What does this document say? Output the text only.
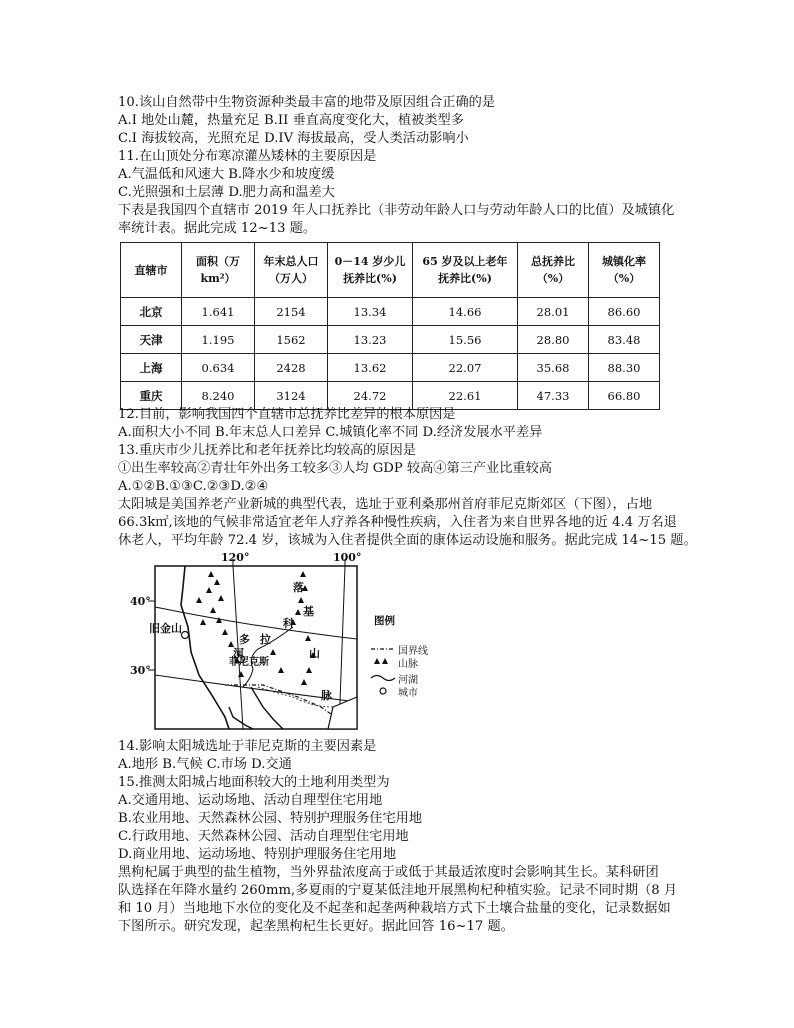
10.该山自然带中生物资源种类最丰富的地带及原因组合正确的是
A.I 地处山麓，热量充足 B.II 垂直高度变化大，植被类型多
C.I 海拔较高，光照充足 D.IV 海拔最高，受人类活动影响小
11.在山顶处分布寒凉灌丛矮林的主要原因是
A.气温低和风速大 B.降水少和坡度缓
C.光照强和土层薄 D.肥力高和温差大
下表是我国四个直辖市 2019 年人口抚养比（非劳动年龄人口与劳动年龄人口的比值）及城镇化
率统计表。据此完成 12~13 题。
直辖市	面积（万 km²）	年末总人口（万人）	0－14 岁少儿抚养比(%)	65 岁及以上老年抚养比(%)	总抚养比（%）	城镇化率（%）
北京	1.641	2154	13.34	14.66	28.01	86.60
天津	1.195	1562	13.23	15.56	28.80	83.48
上海	0.634	2428	13.62	22.07	35.68	88.30
重庆	8.240	3124	24.72	22.61	47.33	66.80
12.目前，影响我国四个直辖市总抚养比差异的根本原因是
A.面积大小不同 B.年末总人口差异 C.城镇化率不同 D.经济发展水平差异
13.重庆市少儿抚养比和老年抚养比均较高的原因是
①出生率较高②青壮年外出务工较多③人均 GDP 较高④第三产业比重较高
A.①②B.①③C.②③D.②④
太阳城是美国养老产业新城的典型代表，选址于亚利桑那州首府菲尼克斯郊区（下图），占地
66.3k㎡,该地的气候非常适宜老年人疗养各种慢性疾病，入住者为来自世界各地的近 4.4 万名退
休老人，平均年龄 72.4 岁，该城为入住者提供全面的康体运动设施和服务。据此完成 14~15 题。
120°	100°
40°
30°
旧金山
菲尼克斯
落
基
山
脉
科
拉
多
河
图例
国界线
山脉
河湖
城市
14.影响太阳城选址于菲尼克斯的主要因素是
A.地形 B.气候 C.市场 D.交通
15.推测太阳城占地面积较大的土地利用类型为
A.交通用地、运动场地、活动自理型住宅用地
B.农业用地、天然森林公园、特别护理服务住宅用地
C.行政用地、天然森林公园、活动自理型住宅用地
D.商业用地、运动场地、特别护理服务住宅用地
黑枸杞属于典型的盐生植物，当外界盐浓度高于或低于其最适浓度时会影响其生长。某科研团
队选择在年降水量约 260mm,多夏雨的宁夏某低洼地开展黑枸杞种植实验。记录不同时期（8 月
和 10 月）当地地下水位的变化及不起垄和起垄两种栽培方式下土壤合盐量的变化，记录数据如
下图所示。研究发现，起垄黑枸杞生长更好。据此回答 16~17 题。
